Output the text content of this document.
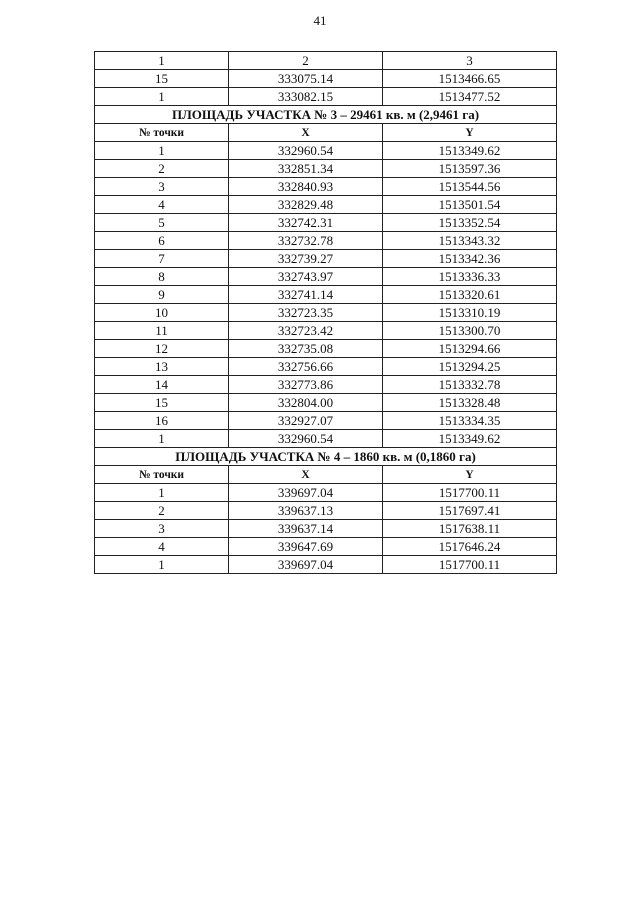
41
1	2	3
15	333075.14	1513466.65
1	333082.15	1513477.52
ПЛОЩАДЬ УЧАСТКА № 3 – 29461 кв. м (2,9461 га)		
№ точки	X	Y
1	332960.54	1513349.62
2	332851.34	1513597.36
3	332840.93	1513544.56
4	332829.48	1513501.54
5	332742.31	1513352.54
6	332732.78	1513343.32
7	332739.27	1513342.36
8	332743.97	1513336.33
9	332741.14	1513320.61
10	332723.35	1513310.19
11	332723.42	1513300.70
12	332735.08	1513294.66
13	332756.66	1513294.25
14	332773.86	1513332.78
15	332804.00	1513328.48
16	332927.07	1513334.35
1	332960.54	1513349.62
ПЛОЩАДЬ УЧАСТКА № 4 – 1860 кв. м (0,1860 га)		
№ точки	X	Y
1	339697.04	1517700.11
2	339637.13	1517697.41
3	339637.14	1517638.11
4	339647.69	1517646.24
1	339697.04	1517700.11
